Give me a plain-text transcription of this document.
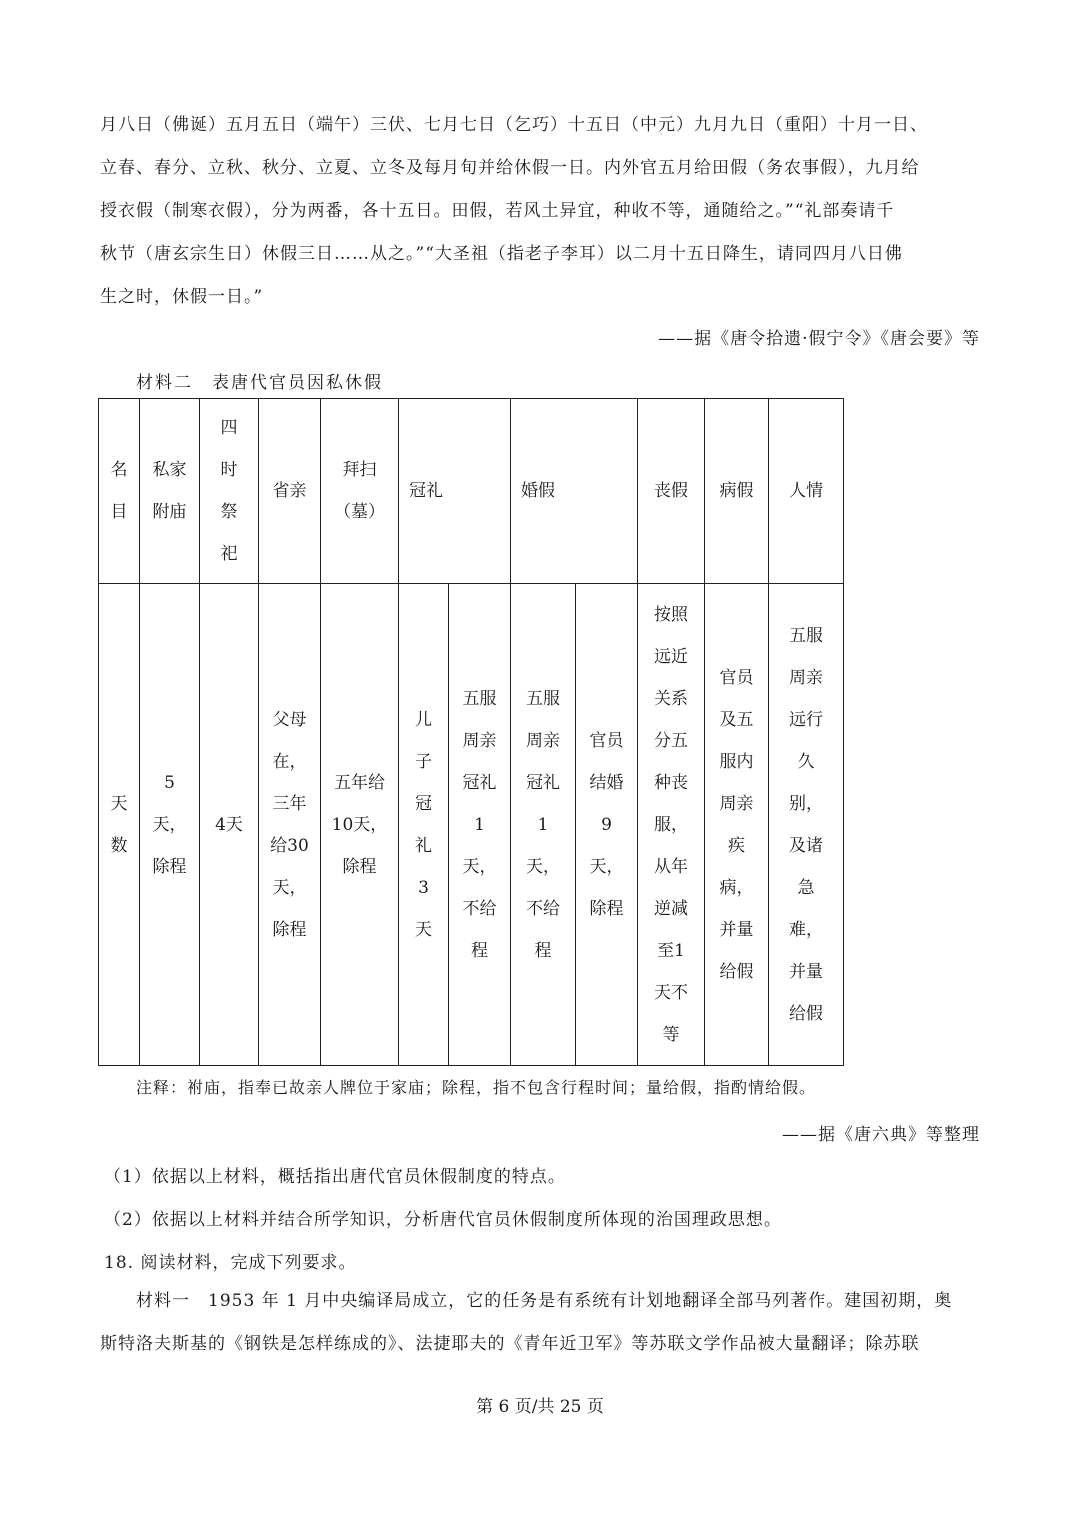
月八日（佛诞）五月五日（端午）三伏、七月七日（乞巧）十五日（中元）九月九日（重阳）十月一日、
立春、春分、立秋、秋分、立夏、立冬及每月旬并给休假一日。内外官五月给田假（务农事假），九月给
授衣假（制寒衣假），分为两番，各十五日。田假，若风土异宜，种收不等，通随给之。”“礼部奏请千
秋节（唐玄宗生日）休假三日……从之。”“大圣祖（指老子李耳）以二月十五日降生，请同四月八日佛
生之时，休假一日。”
——据《唐令拾遗·假宁令》《唐会要》等
材料二　表唐代官员因私休假
名目	私家附庙	四时祭祀	省亲	拜扫（墓）	冠礼		婚假		丧假	病假	人情
天数	5天，除程	4天	父母在，三年给30天，除程	五年给10天，除程	儿子冠礼3天	五服周亲冠礼1天，不给程	五服周亲冠礼1天，不给程	官员结婚9天，除程	按照远近关系分五种丧服，从年逆减至1天不等	官员及五服内周亲疾病，并量给假	五服周亲远行久别，及诸急难，并量给假
注释：祔庙，指奉已故亲人牌位于家庙；除程，指不包含行程时间；量给假，指酌情给假。
——据《唐六典》等整理
（1）依据以上材料，概括指出唐代官员休假制度的特点。
（2）依据以上材料并结合所学知识，分析唐代官员休假制度所体现的治国理政思想。
18. 阅读材料，完成下列要求。
材料一　1953 年 1 月中央编译局成立，它的任务是有系统有计划地翻译全部马列著作。建国初期，奥
斯特洛夫斯基的《钢铁是怎样练成的》、法捷耶夫的《青年近卫军》等苏联文学作品被大量翻译；除苏联
第 6 页/共 25 页
